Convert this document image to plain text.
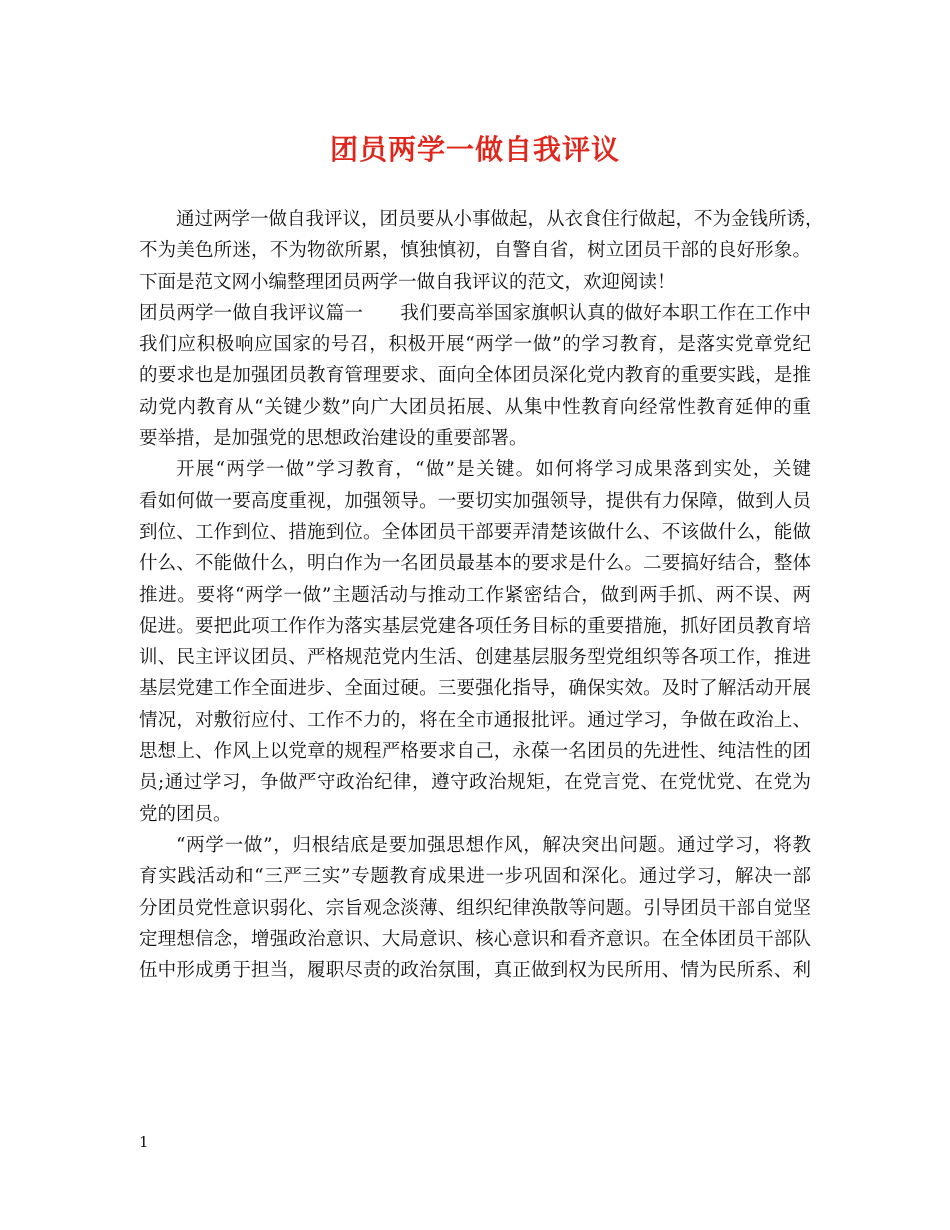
团员两学一做自我评议
通过两学一做自我评议，团员要从小事做起，从衣食住行做起，不为金钱所诱，
不为美色所迷，不为物欲所累，慎独慎初，自警自省，树立团员干部的良好形象。
下面是范文网小编整理团员两学一做自我评议的范文，欢迎阅读！
团员两学一做自我评议篇一　　我们要高举国家旗帜认真的做好本职工作在工作中
我们应积极响应国家的号召，积极开展“两学一做”的学习教育，是落实党章党纪
的要求也是加强团员教育管理要求、面向全体团员深化党内教育的重要实践，是推
动党内教育从“关键少数”向广大团员拓展、从集中性教育向经常性教育延伸的重
要举措，是加强党的思想政治建设的重要部署。
开展“两学一做”学习教育，“做”是关键。如何将学习成果落到实处，关键
看如何做一要高度重视，加强领导。一要切实加强领导，提供有力保障，做到人员
到位、工作到位、措施到位。全体团员干部要弄清楚该做什么、不该做什么，能做
什么、不能做什么，明白作为一名团员最基本的要求是什么。二要搞好结合，整体
推进。要将“两学一做”主题活动与推动工作紧密结合，做到两手抓、两不误、两
促进。要把此项工作作为落实基层党建各项任务目标的重要措施，抓好团员教育培
训、民主评议团员、严格规范党内生活、创建基层服务型党组织等各项工作，推进
基层党建工作全面进步、全面过硬。三要强化指导，确保实效。及时了解活动开展
情况，对敷衍应付、工作不力的，将在全市通报批评。通过学习，争做在政治上、
思想上、作风上以党章的规程严格要求自己，永葆一名团员的先进性、纯洁性的团
员;通过学习，争做严守政治纪律，遵守政治规矩，在党言党、在党忧党、在党为
党的团员。
“两学一做”，归根结底是要加强思想作风，解决突出问题。通过学习，将教
育实践活动和“三严三实”专题教育成果进一步巩固和深化。通过学习，解决一部
分团员党性意识弱化、宗旨观念淡薄、组织纪律涣散等问题。引导团员干部自觉坚
定理想信念，增强政治意识、大局意识、核心意识和看齐意识。在全体团员干部队
伍中形成勇于担当，履职尽责的政治氛围，真正做到权为民所用、情为民所系、利
1
